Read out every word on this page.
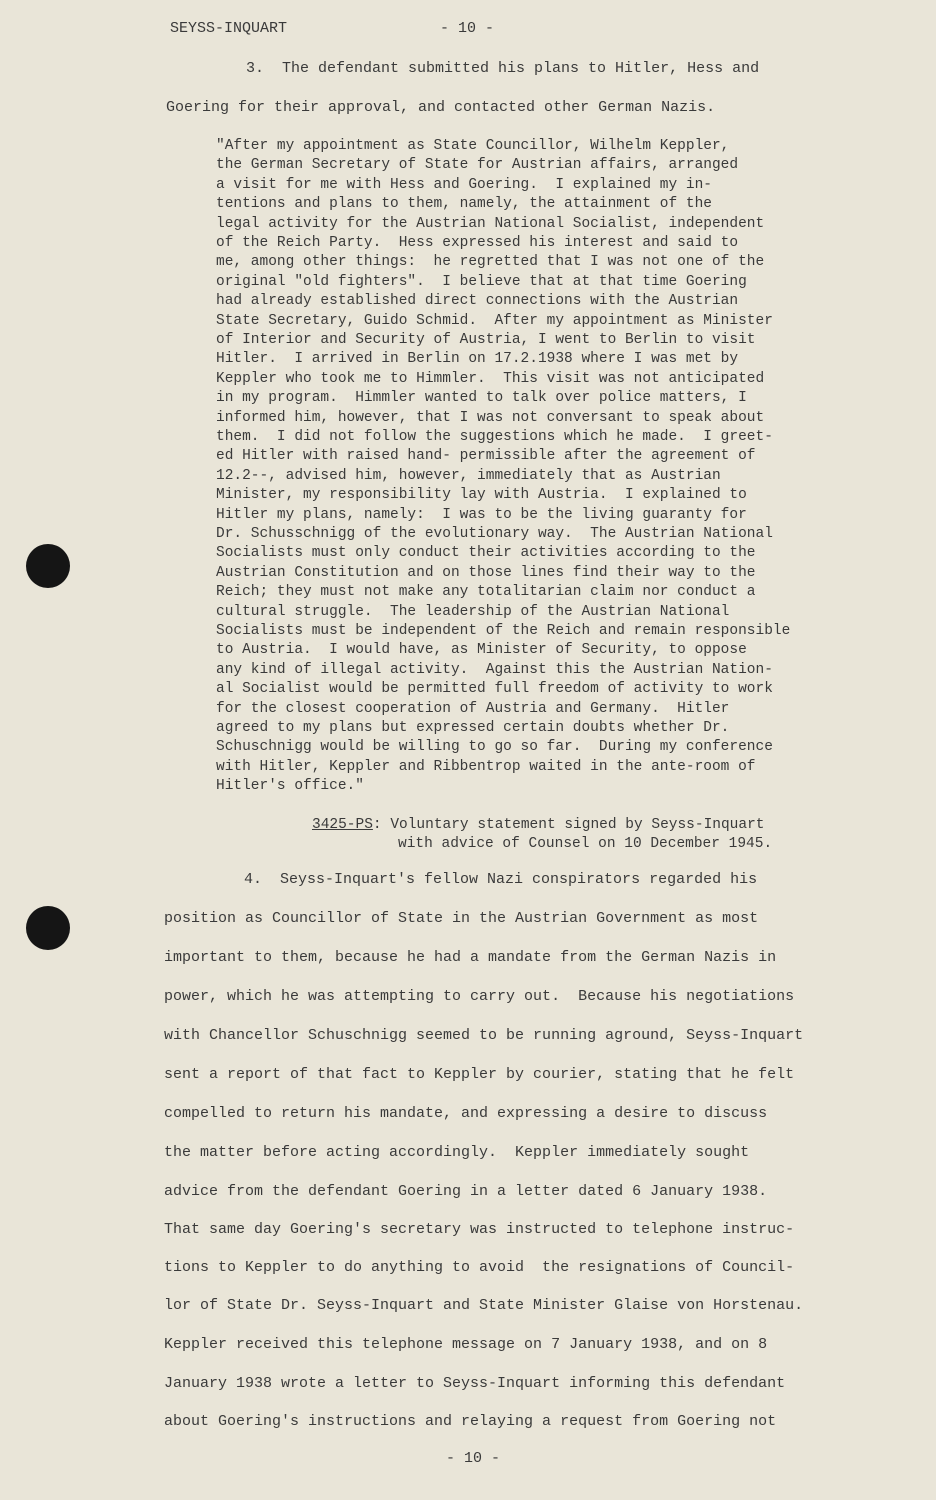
SEYSS-INQUART	- 10 -
3.  The defendant submitted his plans to Hitler, Hess and
Goering for their approval, and contacted other German Nazis.
"After my appointment as State Councillor, Wilhelm Keppler,
the German Secretary of State for Austrian affairs, arranged
a visit for me with Hess and Goering.  I explained my in-
tentions and plans to them, namely, the attainment of the
legal activity for the Austrian National Socialist, independent
of the Reich Party.  Hess expressed his interest and said to
me, among other things:  he regretted that I was not one of the
original "old fighters".  I believe that at that time Goering
had already established direct connections with the Austrian
State Secretary, Guido Schmid.  After my appointment as Minister
of Interior and Security of Austria, I went to Berlin to visit
Hitler.  I arrived in Berlin on 17.2.1938 where I was met by
Keppler who took me to Himmler.  This visit was not anticipated
in my program.  Himmler wanted to talk over police matters, I
informed him, however, that I was not conversant to speak about
them.  I did not follow the suggestions which he made.  I greet-
ed Hitler with raised hand- permissible after the agreement of
12.2--, advised him, however, immediately that as Austrian
Minister, my responsibility lay with Austria.  I explained to
Hitler my plans, namely:  I was to be the living guaranty for
Dr. Schusschnigg of the evolutionary way.  The Austrian National
Socialists must only conduct their activities according to the
Austrian Constitution and on those lines find their way to the
Reich; they must not make any totalitarian claim nor conduct a
cultural struggle.  The leadership of the Austrian National
Socialists must be independent of the Reich and remain responsible
to Austria.  I would have, as Minister of Security, to oppose
any kind of illegal activity.  Against this the Austrian Nation-
al Socialist would be permitted full freedom of activity to work
for the closest cooperation of Austria and Germany.  Hitler
agreed to my plans but expressed certain doubts whether Dr.
Schuschnigg would be willing to go so far.  During my conference
with Hitler, Keppler and Ribbentrop waited in the ante-room of
Hitler's office."
3425-PS: Voluntary statement signed by Seyss-Inquart
with advice of Counsel on 10 December 1945.
4.  Seyss-Inquart's fellow Nazi conspirators regarded his
position as Councillor of State in the Austrian Government as most
important to them, because he had a mandate from the German Nazis in
power, which he was attempting to carry out.  Because his negotiations
with Chancellor Schuschnigg seemed to be running aground, Seyss-Inquart
sent a report of that fact to Keppler by courier, stating that he felt
compelled to return his mandate, and expressing a desire to discuss
the matter before acting accordingly.  Keppler immediately sought
advice from the defendant Goering in a letter dated 6 January 1938.
That same day Goering's secretary was instructed to telephone instruc-
tions to Keppler to do anything to avoid  the resignations of Council-
lor of State Dr. Seyss-Inquart and State Minister Glaise von Horstenau.
Keppler received this telephone message on 7 January 1938, and on 8
January 1938 wrote a letter to Seyss-Inquart informing this defendant
about Goering's instructions and relaying a request from Goering not
- 10 -
